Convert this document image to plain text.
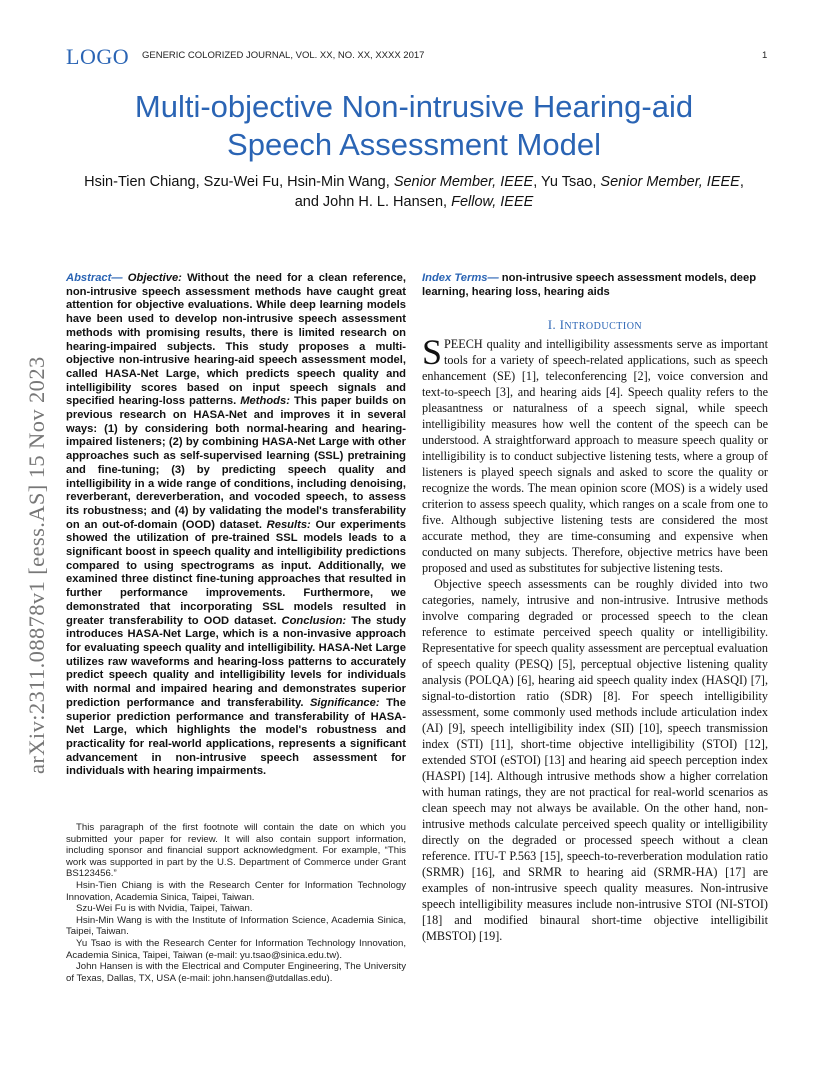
LOGO GENERIC COLORIZED JOURNAL, VOL. XX, NO. XX, XXXX 2017	1
Multi-objective Non-intrusive Hearing-aid
Speech Assessment Model
Hsin-Tien Chiang, Szu-Wei Fu, Hsin-Min Wang, Senior Member, IEEE, Yu Tsao, Senior Member, IEEE,
and John H. L. Hansen, Fellow, IEEE
arXiv:2311.08878v1 [eess.AS] 15 Nov 2023
Abstract— Objective: Without the need for a clean reference, non-intrusive speech assessment methods have caught great attention for objective evaluations. While deep learning models have been used to develop non-intrusive speech assessment methods with promising results, there is limited research on hearing-impaired subjects. This study proposes a multi-objective non-intrusive hearing-aid speech assessment model, called HASA-Net Large, which predicts speech quality and intelligibility scores based on input speech signals and specified hearing-loss patterns. Methods: This paper builds on previous research on HASA-Net and improves it in several ways: (1) by considering both normal-hearing and hearing-impaired listeners; (2) by combining HASA-Net Large with other approaches such as self-supervised learning (SSL) pretraining and fine-tuning; (3) by predicting speech quality and intelligibility in a wide range of conditions, including denoising, reverberant, dereverberation, and vocoded speech, to assess its robustness; and (4) by validating the model's transferability on an out-of-domain (OOD) dataset. Results: Our experiments showed the utilization of pre-trained SSL models leads to a significant boost in speech quality and intelligibility predictions compared to using spectrograms as input. Additionally, we examined three distinct fine-tuning approaches that resulted in further performance improvements. Furthermore, we demonstrated that incorporating SSL models resulted in greater transferability to OOD dataset. Conclusion: The study introduces HASA-Net Large, which is a non-invasive approach for evaluating speech quality and intelligibility. HASA-Net Large utilizes raw waveforms and hearing-loss patterns to accurately predict speech quality and intelligibility levels for individuals with normal and impaired hearing and demonstrates superior prediction performance and transferability. Significance: The superior prediction performance and transferability of HASA-Net Large, which highlights the model's robustness and practicality for real-world applications, represents a significant advancement in non-intrusive speech assessment for individuals with hearing impairments.
Index Terms— non-intrusive speech assessment models, deep learning, hearing loss, hearing aids
I. INTRODUCTION

SPEECH quality and intelligibility assessments serve as important tools for a variety of speech-related applications, such as speech enhancement (SE) [1], teleconferencing [2], voice conversion and text-to-speech [3], and hearing aids [4]. Speech quality refers to the pleasantness or naturalness of a speech signal, while speech intelligibility measures how well the content of the speech can be understood. A straightforward approach to measure speech quality or intelligibility is to conduct subjective listening tests, where a group of listeners is played speech signals and asked to score the quality or recognize the words. The mean opinion score (MOS) is a widely used criterion to assess speech quality, which ranges on a scale from one to five. Although subjective listening tests are considered the most accurate method, they are time-consuming and expensive when conducted on many subjects. Therefore, objective metrics have been proposed and used as substitutes for subjective listening tests.

Objective speech assessments can be roughly divided into two categories, namely, intrusive and non-intrusive. Intrusive methods involve comparing degraded or processed speech to the clean reference to estimate perceived speech quality or intelligibility. Representative for speech quality assessment are perceptual evaluation of speech quality (PESQ) [5], perceptual objective listening quality analysis (POLQA) [6], hearing aid speech quality index (HASQI) [7], signal-to-distortion ratio (SDR) [8]. For speech intelligibility assessment, some commonly used methods include articulation index (AI) [9], speech intelligibility index (SII) [10], speech transmission index (STI) [11], short-time objective intelligibility (STOI) [12], extended STOI (eSTOI) [13] and hearing aid speech perception index (HASPI) [14]. Although intrusive methods show a higher correlation with human ratings, they are not practical for real-world scenarios as clean speech may not always be available. On the other hand, non-intrusive methods calculate perceived speech quality or intelligibility directly on the degraded or processed speech without a clean reference. ITU-T P.563 [15], speech-to-reverberation modulation ratio (SRMR) [16], and SRMR to hearing aid (SRMR-HA) [17] are examples of non-intrusive speech quality measures. Non-intrusive speech intelligibility measures include non-intrusive STOI (NI-STOI) [18] and modified binaural short-time objective intelligibilit (MBSTOI) [19].

This paragraph of the first footnote will contain the date on which you submitted your paper for review. It will also contain support information, including sponsor and financial support acknowledgment. For example, “This work was supported in part by the U.S. Department of Commerce under Grant BS123456.”

Hsin-Tien Chiang is with the Research Center for Information Technology Innovation, Academia Sinica, Taipei, Taiwan.

Szu-Wei Fu is with Nvidia, Taipei, Taiwan.

Hsin-Min Wang is with the Institute of Information Science, Academia Sinica, Taipei, Taiwan.

Yu Tsao is with the Research Center for Information Technology Innovation, Academia Sinica, Taipei, Taiwan (e-mail: yu.tsao@sinica.edu.tw).

John Hansen is with the Electrical and Computer Engineering, The University of Texas, Dallas, TX, USA (e-mail: john.hansen@utdallas.edu).
